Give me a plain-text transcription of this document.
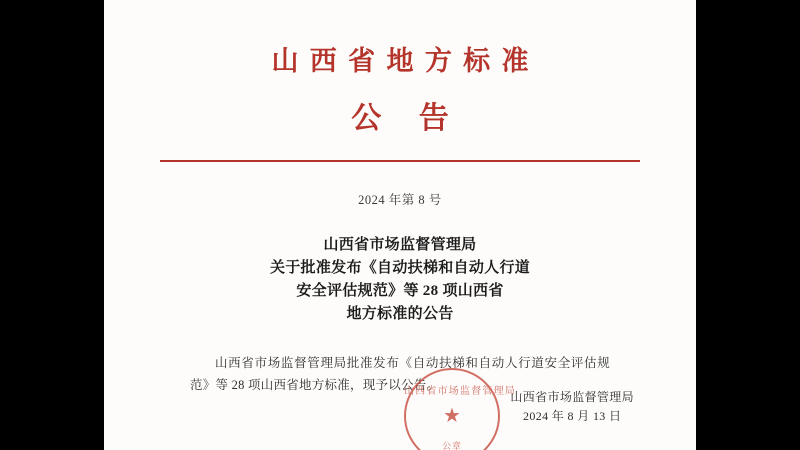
山西省地方标准
公 告
2024 年第 8 号
山西省市场监督管理局
关于批准发布《自动扶梯和自动人行道
安全评估规范》等 28 项山西省
地方标准的公告

山西省市场监督管理局批准发布《自动扶梯和自动人行道安全评估规范》等 28 项山西省地方标准，现予以公告。

山西省市场监督管理局
★
公章
山西省市场监督管理局
2024 年 8 月 13 日
